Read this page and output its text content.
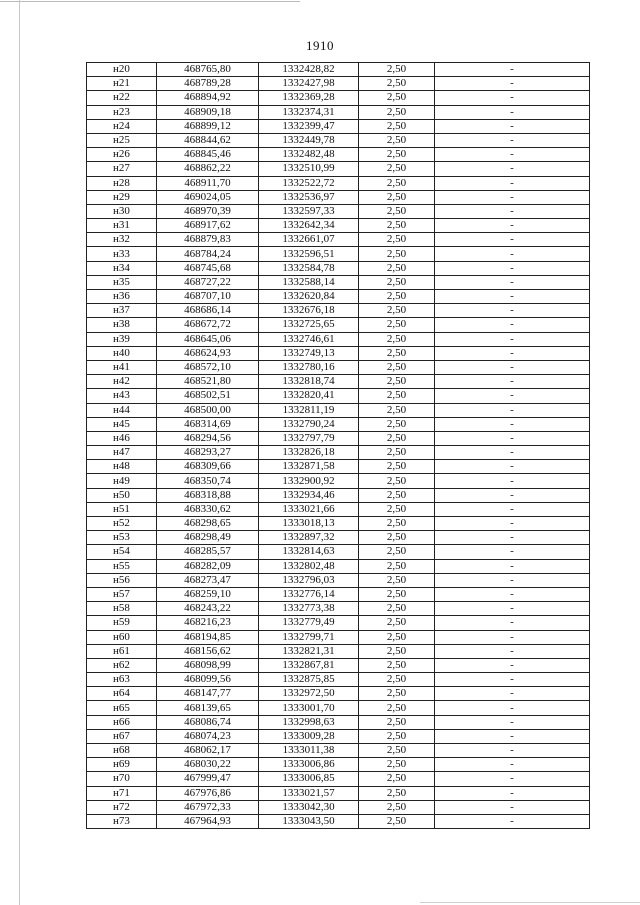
1910
н20	468765,80	1332428,82	2,50	-
н21	468789,28	1332427,98	2,50	-
н22	468894,92	1332369,28	2,50	-
н23	468909,18	1332374,31	2,50	-
н24	468899,12	1332399,47	2,50	-
н25	468844,62	1332449,78	2,50	-
н26	468845,46	1332482,48	2,50	-
н27	468862,22	1332510,99	2,50	-
н28	468911,70	1332522,72	2,50	-
н29	469024,05	1332536,97	2,50	-
н30	468970,39	1332597,33	2,50	-
н31	468917,62	1332642,34	2,50	-
н32	468879,83	1332661,07	2,50	-
н33	468784,24	1332596,51	2,50	-
н34	468745,68	1332584,78	2,50	-
н35	468727,22	1332588,14	2,50	-
н36	468707,10	1332620,84	2,50	-
н37	468686,14	1332676,18	2,50	-
н38	468672,72	1332725,65	2,50	-
н39	468645,06	1332746,61	2,50	-
н40	468624,93	1332749,13	2,50	-
н41	468572,10	1332780,16	2,50	-
н42	468521,80	1332818,74	2,50	-
н43	468502,51	1332820,41	2,50	-
н44	468500,00	1332811,19	2,50	-
н45	468314,69	1332790,24	2,50	-
н46	468294,56	1332797,79	2,50	-
н47	468293,27	1332826,18	2,50	-
н48	468309,66	1332871,58	2,50	-
н49	468350,74	1332900,92	2,50	-
н50	468318,88	1332934,46	2,50	-
н51	468330,62	1333021,66	2,50	-
н52	468298,65	1333018,13	2,50	-
н53	468298,49	1332897,32	2,50	-
н54	468285,57	1332814,63	2,50	-
н55	468282,09	1332802,48	2,50	-
н56	468273,47	1332796,03	2,50	-
н57	468259,10	1332776,14	2,50	-
н58	468243,22	1332773,38	2,50	-
н59	468216,23	1332779,49	2,50	-
н60	468194,85	1332799,71	2,50	-
н61	468156,62	1332821,31	2,50	-
н62	468098,99	1332867,81	2,50	-
н63	468099,56	1332875,85	2,50	-
н64	468147,77	1332972,50	2,50	-
н65	468139,65	1333001,70	2,50	-
н66	468086,74	1332998,63	2,50	-
н67	468074,23	1333009,28	2,50	-
н68	468062,17	1333011,38	2,50	-
н69	468030,22	1333006,86	2,50	-
н70	467999,47	1333006,85	2,50	-
н71	467976,86	1333021,57	2,50	-
н72	467972,33	1333042,30	2,50	-
н73	467964,93	1333043,50	2,50	-
